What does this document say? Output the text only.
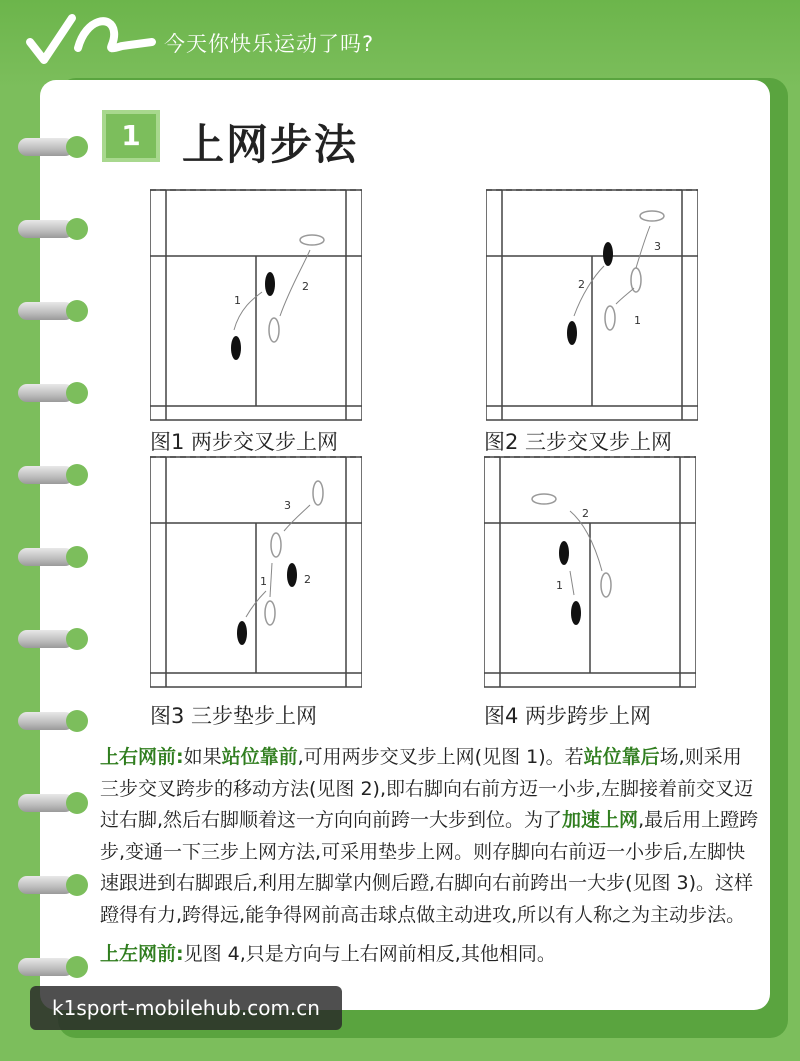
今天你快乐运动了吗?
1 上网步法
1
2
图1 两步交叉步上网
2
1
3
图2 三步交叉步上网
1	2
3
图3 三步垫步上网
1
2
图4 两步跨步上网

上右网前:如果站位靠前,可用两步交叉步上网(见图 1)。若站位靠后场,则采用三步交叉跨步的移动方法(见图 2),即右脚向右前方迈一小步,左脚接着前交叉迈过右脚,然后右脚顺着这一方向向前跨一大步到位。为了加速上网,最后用上蹬跨步,变通一下三步上网方法,可采用垫步上网。则存脚向右前迈一小步后,左脚快速跟进到右脚跟后,利用左脚掌内侧后蹬,右脚向右前跨出一大步(见图 3)。这样蹬得有力,跨得远,能争得网前高击球点做主动进攻,所以有人称之为主动步法。

上左网前:见图 4,只是方向与上右网前相反,其他相同。

k1sport-mobilehub.com.cn
